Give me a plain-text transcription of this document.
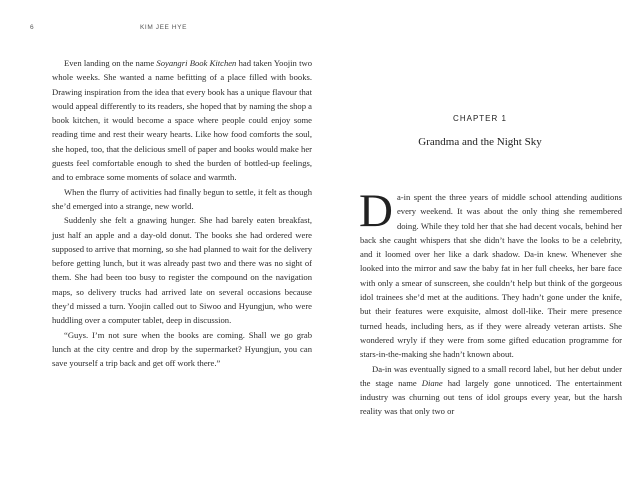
6	KIM JEE HYE

Even landing on the name Soyangri Book Kitchen had taken Yoojin two whole weeks. She wanted a name befitting of a place filled with books. Drawing inspiration from the idea that every book has a unique flavour that would appeal differently to its readers, she hoped that by naming the shop a book kitchen, it would become a space where people could enjoy some reading time and rest their weary hearts. Like how food comforts the soul, she hoped, too, that the delicious smell of paper and books would make her guests feel comfortable enough to shed the burden of bottled-up feelings, and to embrace some moments of solace and warmth.

When the flurry of activities had finally begun to settle, it felt as though she’d emerged into a strange, new world.

Suddenly she felt a gnawing hunger. She had barely eaten breakfast, just half an apple and a day-old donut. The books she had ordered were supposed to arrive that morning, so she had planned to wait for the delivery before getting lunch, but it was already past two and there was no sight of them. She had been too busy to register the compound on the navigation maps, so delivery trucks had arrived late on several occasions because they’d missed a turn. Yoojin called out to Siwoo and Hyungjun, who were huddling over a computer tablet, deep in discussion.

“Guys. I’m not sure when the books are coming. Shall we go grab lunch at the city centre and drop by the supermarket? Hyungjun, you can save yourself a trip back and get off work there.”

CHAPTER 1
Grandma and the Night Sky

Da-in spent the three years of middle school attending auditions every weekend. It was about the only thing she remembered doing. While they told her that she had decent vocals, behind her back she caught whispers that she didn’t have the looks to be a celebrity, and it loomed over her like a dark shadow. Da-in knew. Whenever she looked into the mirror and saw the baby fat in her full cheeks, her bare face with only a smear of sunscreen, she couldn’t help but think of the gorgeous idol trainees she’d met at the auditions. They hadn’t gone under the knife, but their features were exquisite, almost doll-like. Their mere presence turned heads, including hers, as if they were already veteran artists. She wondered wryly if they were from some gifted education programme for stars-in-the-making she hadn’t known about.

Da-in was eventually signed to a small record label, but her debut under the stage name Diane had largely gone unnoticed. The entertainment industry was churning out tens of idol groups every year, but the harsh reality was that only two or
